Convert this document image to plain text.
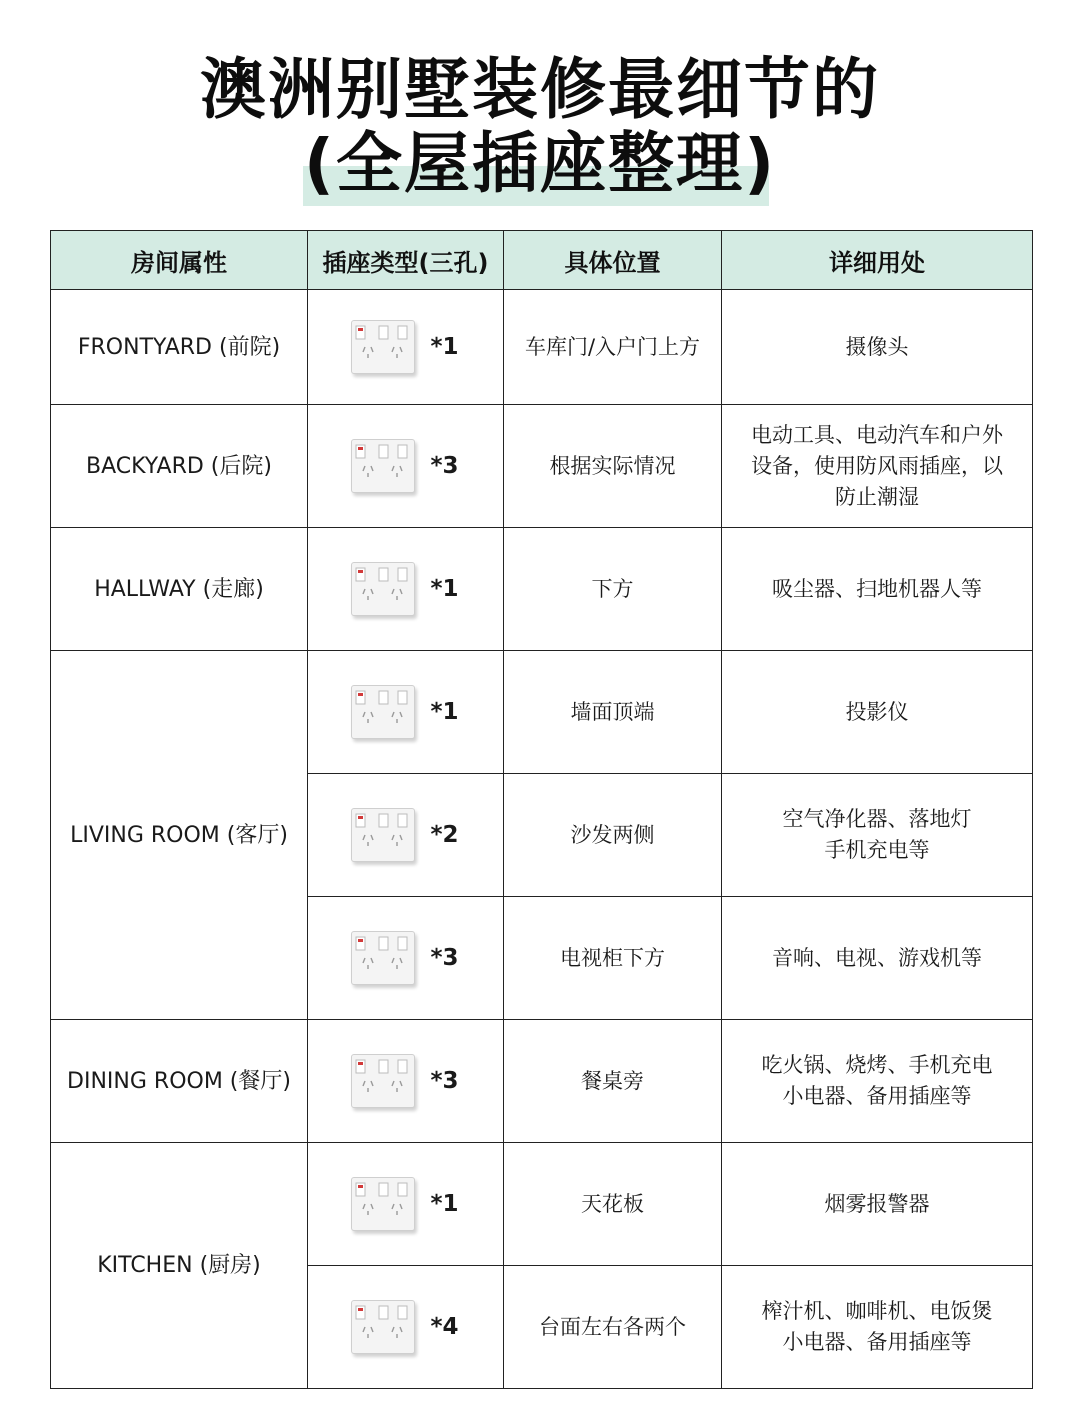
澳洲别墅装修最细节的
(全屋插座整理)
房间属性	插座类型(三孔)	具体位置	详细用处
FRONTYARD (前院)	*1	车库门/入户门上方	摄像头
BACKYARD (后院)	*3	根据实际情况	电动工具、电动汽车和户外
设备，使用防风雨插座，以
防止潮湿
HALLWAY (走廊)	*1	下方	吸尘器、扫地机器人等
LIVING ROOM (客厅)	*1	墙面顶端	投影仪

	*2	沙发两侧	空气净化器、落地灯
手机充电等

	*3	电视柜下方	音响、电视、游戏机等
DINING ROOM (餐厅)	*3	餐桌旁	吃火锅、烧烤、手机充电
小电器、备用插座等
KITCHEN (厨房)	*1	天花板	烟雾报警器

	*4	台面左右各两个	榨汁机、咖啡机、电饭煲
小电器、备用插座等
